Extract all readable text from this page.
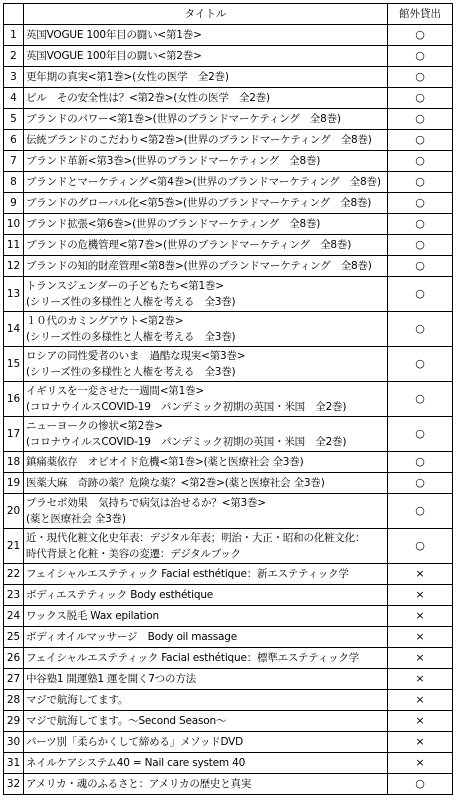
	タイトル	館外貸出
1	英国VOGUE 100年目の闘い<第1巻>	○
2	英国VOGUE 100年目の闘い<第2巻>	○
3	更年期の真実<第1巻>(女性の医学　全2巻)	○
4	ピル　その安全性は？<第2巻>(女性の医学　全2巻)	○
5	ブランドのパワー<第1巻>(世界のブランドマーケティング　全8巻)	○
6	伝統ブランドのこだわり<第2巻>(世界のブランドマーケティング　全8巻)	○
7	ブランド革新<第3巻>(世界のブランドマーケティング　全8巻)	○
8	ブランドとマーケティング<第4巻>(世界のブランドマーケティング　全8巻)	○
9	ブランドのグローバル化<第5巻>(世界のブランドマーケティング　全8巻)	○
10	ブランド拡張<第6巻>(世界のブランドマーケティング　全8巻)	○
11	ブランドの危機管理<第7巻>(世界のブランドマーケティング　全8巻)	○
12	ブランドの知的財産管理<第8巻>(世界のブランドマーケティング　全8巻)	○
13	トランスジェンダーの子どもたち<第1巻>
(シリーズ性の多様性と人権を考える　全3巻)	○
14	１０代のカミングアウト<第2巻>
(シリーズ性の多様性と人権を考える　全3巻)	○
15	ロシアの同性愛者のいま　過酷な現実<第3巻>
(シリーズ性の多様性と人権を考える　全3巻)	○
16	イギリスを一変させた一週間<第1巻>
(コロナウイルスCOVID-19　パンデミック初期の英国・米国　全2巻)	○
17	ニューヨークの惨状<第2巻>
(コロナウイルスCOVID-19　パンデミック初期の英国・米国　全2巻)	○
18	鎮痛薬依存　オピオイド危機<第1巻>(薬と医療社会 全3巻)	○
19	医薬大麻　奇跡の薬？危険な薬？<第2巻>(薬と医療社会 全3巻)	○
20	プラセボ効果　気持ちで病気は治せるか？<第3巻>
(薬と医療社会 全3巻)	○
21	近・現代化粧文化史年表：デジタル年表；明治・大正・昭和の化粧文化：
時代背景と化粧・美容の変遷：デジタルブック	○
22	フェイシャルエステティック Facial esthétique：新エステティック学	×
23	ボディエステティック Body esthétique	×
24	ワックス脱毛 Wax epilation	×
25	ボディオイルマッサージ　Body oil massage	×
26	フェイシャルエステティック Facial esthétique：標準エステティック学	×
27	中谷塾1 開運塾1 運を開く7つの方法	×
28	マジで航海してます。	×
29	マジで航海してます。～Second Season～	×
30	パーツ別「柔らかくして締める」メソッドDVD	×
31	ネイルケアシステム40 = Nail care system 40	×
32	アメリカ・魂のふるさと：アメリカの歴史と真実	○
